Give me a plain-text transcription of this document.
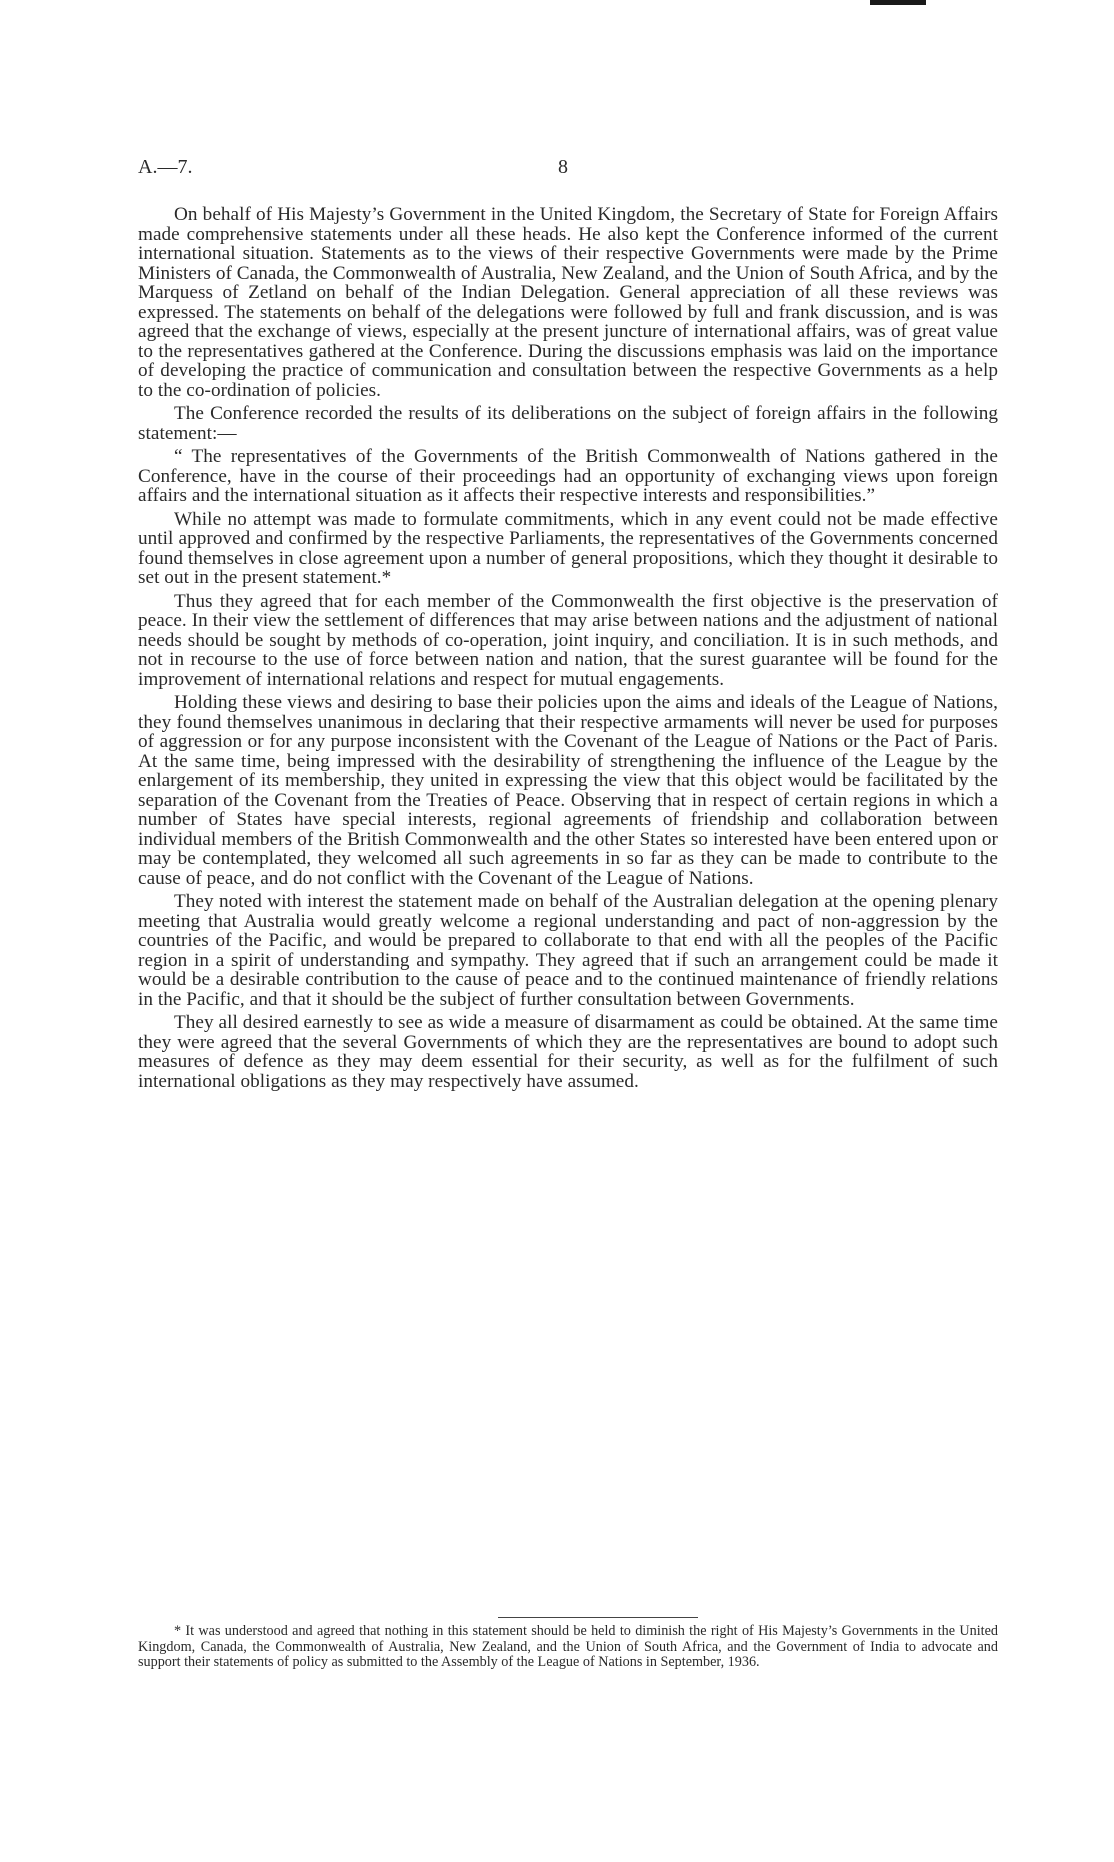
A.—7.	8

On behalf of His Majesty’s Government in the United Kingdom, the Secretary of State for Foreign Affairs made comprehensive statements under all these heads. He also kept the Conference informed of the current international situation. Statements as to the views of their respective Governments were made by the Prime Ministers of Canada, the Commonwealth of Australia, New Zealand, and the Union of South Africa, and by the Marquess of Zetland on behalf of the Indian Delegation. General appreciation of all these reviews was expressed. The statements on behalf of the delegations were followed by full and frank discussion, and is was agreed that the exchange of views, especially at the present juncture of international affairs, was of great value to the representatives gathered at the Conference. During the discussions emphasis was laid on the importance of developing the practice of communication and consultation between the respective Governments as a help to the co-ordination of policies.

The Conference recorded the results of its deliberations on the subject of foreign affairs in the following statement:—

“ The representatives of the Governments of the British Commonwealth of Nations gathered in the Conference, have in the course of their proceedings had an opportunity of exchanging views upon foreign affairs and the international situation as it affects their respective interests and responsibilities.”

While no attempt was made to formulate commitments, which in any event could not be made effective until approved and confirmed by the respective Parliaments, the representatives of the Governments concerned found themselves in close agreement upon a number of general propositions, which they thought it desirable to set out in the present statement.*

Thus they agreed that for each member of the Commonwealth the first objective is the preservation of peace. In their view the settlement of differences that may arise between nations and the adjustment of national needs should be sought by methods of co-operation, joint inquiry, and conciliation. It is in such methods, and not in recourse to the use of force between nation and nation, that the surest guarantee will be found for the improvement of international relations and respect for mutual engagements.

Holding these views and desiring to base their policies upon the aims and ideals of the League of Nations, they found themselves unanimous in declaring that their respective armaments will never be used for purposes of aggression or for any purpose inconsistent with the Covenant of the League of Nations or the Pact of Paris. At the same time, being impressed with the desirability of strengthening the influence of the League by the enlargement of its membership, they united in expressing the view that this object would be facilitated by the separation of the Covenant from the Treaties of Peace. Observing that in respect of certain regions in which a number of States have special interests, regional agreements of friendship and collaboration between individual members of the British Commonwealth and the other States so interested have been entered upon or may be contemplated, they welcomed all such agreements in so far as they can be made to contribute to the cause of peace, and do not conflict with the Covenant of the League of Nations.

They noted with interest the statement made on behalf of the Australian delegation at the opening plenary meeting that Australia would greatly welcome a regional understanding and pact of non-aggression by the countries of the Pacific, and would be prepared to collaborate to that end with all the peoples of the Pacific region in a spirit of understanding and sympathy. They agreed that if such an arrangement could be made it would be a desirable contribution to the cause of peace and to the continued maintenance of friendly relations in the Pacific, and that it should be the subject of further consultation between Governments.

They all desired earnestly to see as wide a measure of disarmament as could be obtained. At the same time they were agreed that the several Governments of which they are the representatives are bound to adopt such measures of defence as they may deem essential for their security, as well as for the fulfilment of such international obligations as they may respectively have assumed.

* It was understood and agreed that nothing in this statement should be held to diminish the right of His Majesty’s Governments in the United Kingdom, Canada, the Commonwealth of Australia, New Zealand, and the Union of South Africa, and the Government of India to advocate and support their statements of policy as submitted to the Assembly of the League of Nations in September, 1936.
